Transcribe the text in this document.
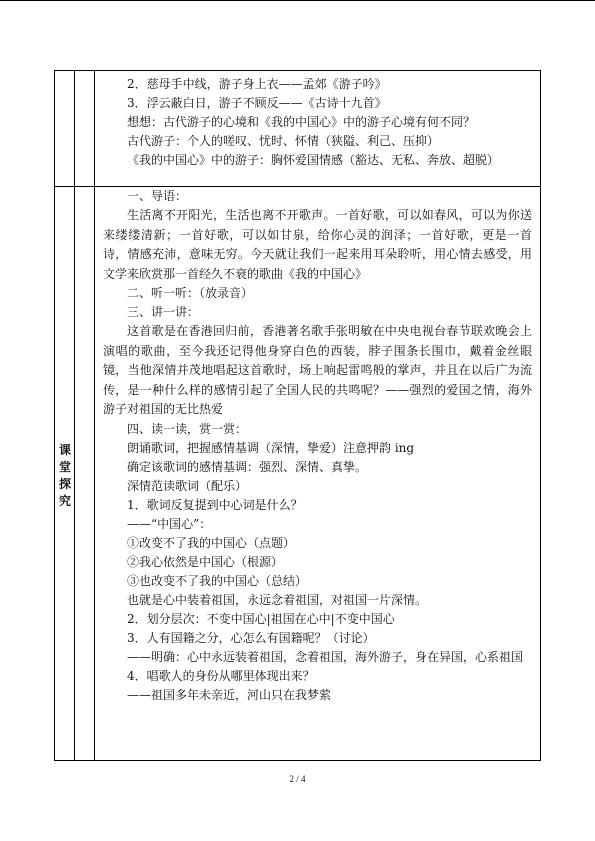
2．慈母手中线，游子身上衣——孟郊《游子吟》
3．浮云蔽白日，游子不顾反——《古诗十九首》
想想：古代游子的心境和《我的中国心》中的游子心境有何不同？
古代游子：个人的嗟叹、忧时、怀情（狭隘、利己、压抑）
《我的中国心》中的游子：胸怀爱国情感（豁达、无私、奔放、超脱）
课
堂
探
究
一、导语：
生活离不开阳光，生活也离不开歌声。一首好歌，可以如春风，可以为你送来缕缕清新；一首好歌，可以如甘泉，给你心灵的润泽；一首好歌，更是一首诗，情感充沛，意味无穷。今天就让我们一起来用耳朵聆听，用心情去感受，用文学来欣赏那一首经久不衰的歌曲《我的中国心》
二、听一听：（放录音）
三、讲一讲：
这首歌是在香港回归前，香港著名歌手张明敏在中央电视台春节联欢晚会上演唱的歌曲，至今我还记得他身穿白色的西装，脖子围条长围巾，戴着金丝眼镜，当他深情并茂地唱起这首歌时，场上响起雷鸣般的掌声，并且在以后广为流传，是一种什么样的感情引起了全国人民的共鸣呢？——强烈的爱国之情，海外游子对祖国的无比热爱
四、读一读，赏一赏：
朗诵歌词，把握感情基调（深情，挚爱）注意押韵 ing
确定该歌词的感情基调：强烈、深情、真挚。
深情范读歌词（配乐）
1．歌词反复提到中心词是什么？
——“中国心”：
①改变不了我的中国心（点题）
②我心依然是中国心（根源）
③也改变不了我的中国心（总结）
也就是心中装着祖国，永远念着祖国，对祖国一片深情。
2．划分层次：不变中国心|祖国在心中|不变中国心
3．人有国籍之分，心怎么有国籍呢？（讨论）
——明确：心中永远装着祖国，念着祖国，海外游子，身在异国，心系祖国
4．唱歌人的身份从哪里体现出来？
——祖国多年未亲近，河山只在我梦萦
2 / 4
